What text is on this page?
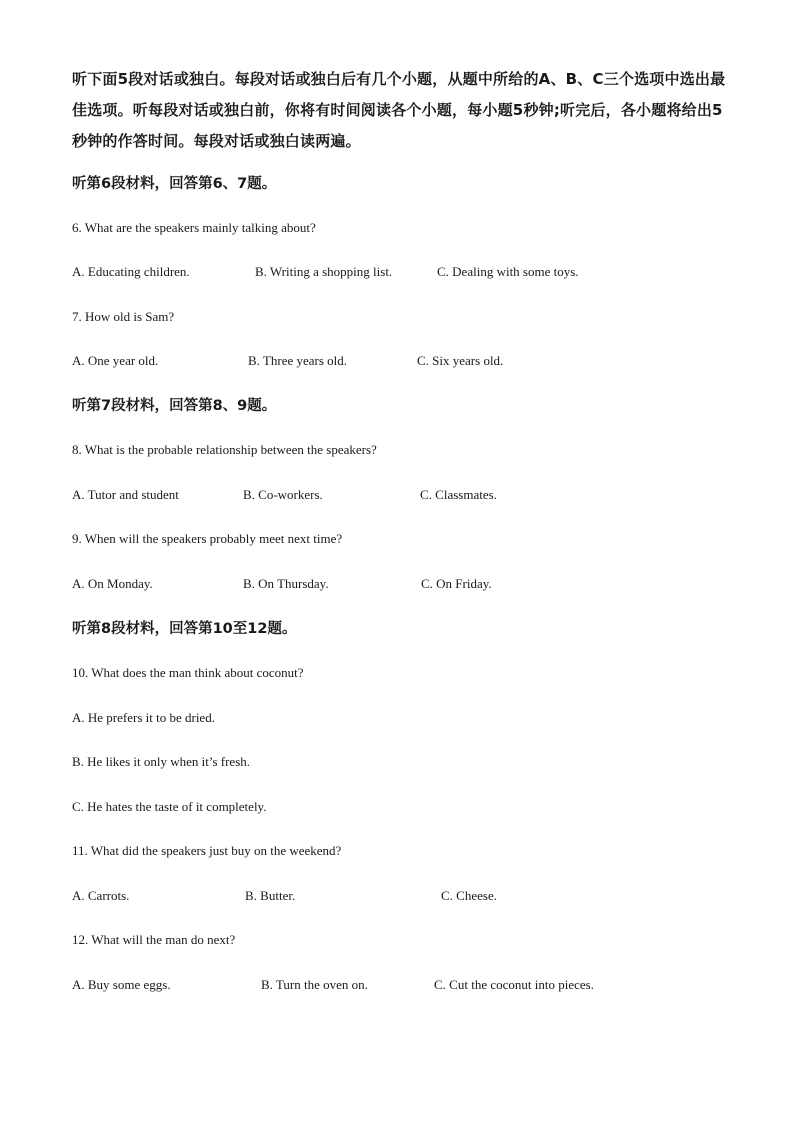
听下面5段对话或独白。每段对话或独白后有几个小题，从题中所给的A、B、C三个选项中选出最佳选项。听每段对话或独白前，你将有时间阅读各个小题，每小题5秒钟;听完后，各小题将给出5秒钟的作答时间。每段对话或独白读两遍。

听第6段材料，回答第6、7题。

6. What are the speakers mainly talking about?

A. Educating children.	B. Writing a shopping list.	C. Dealing with some toys.

7. How old is Sam?

A. One year old.	B. Three years old.	C. Six years old.

听第7段材料，回答第8、9题。

8. What is the probable relationship between the speakers?

A. Tutor and student	B. Co-workers.	C. Classmates.

9. When will the speakers probably meet next time?

A. On Monday.	B. On Thursday.	C. On Friday.

听第8段材料，回答第10至12题。

10. What does the man think about coconut?

A. He prefers it to be dried.
B. He likes it only when it’s fresh.
C. He hates the taste of it completely.

11. What did the speakers just buy on the weekend?

A. Carrots.	B. Butter.	C. Cheese.

12. What will the man do next?

A. Buy some eggs.	B. Turn the oven on.	C. Cut the coconut into pieces.
